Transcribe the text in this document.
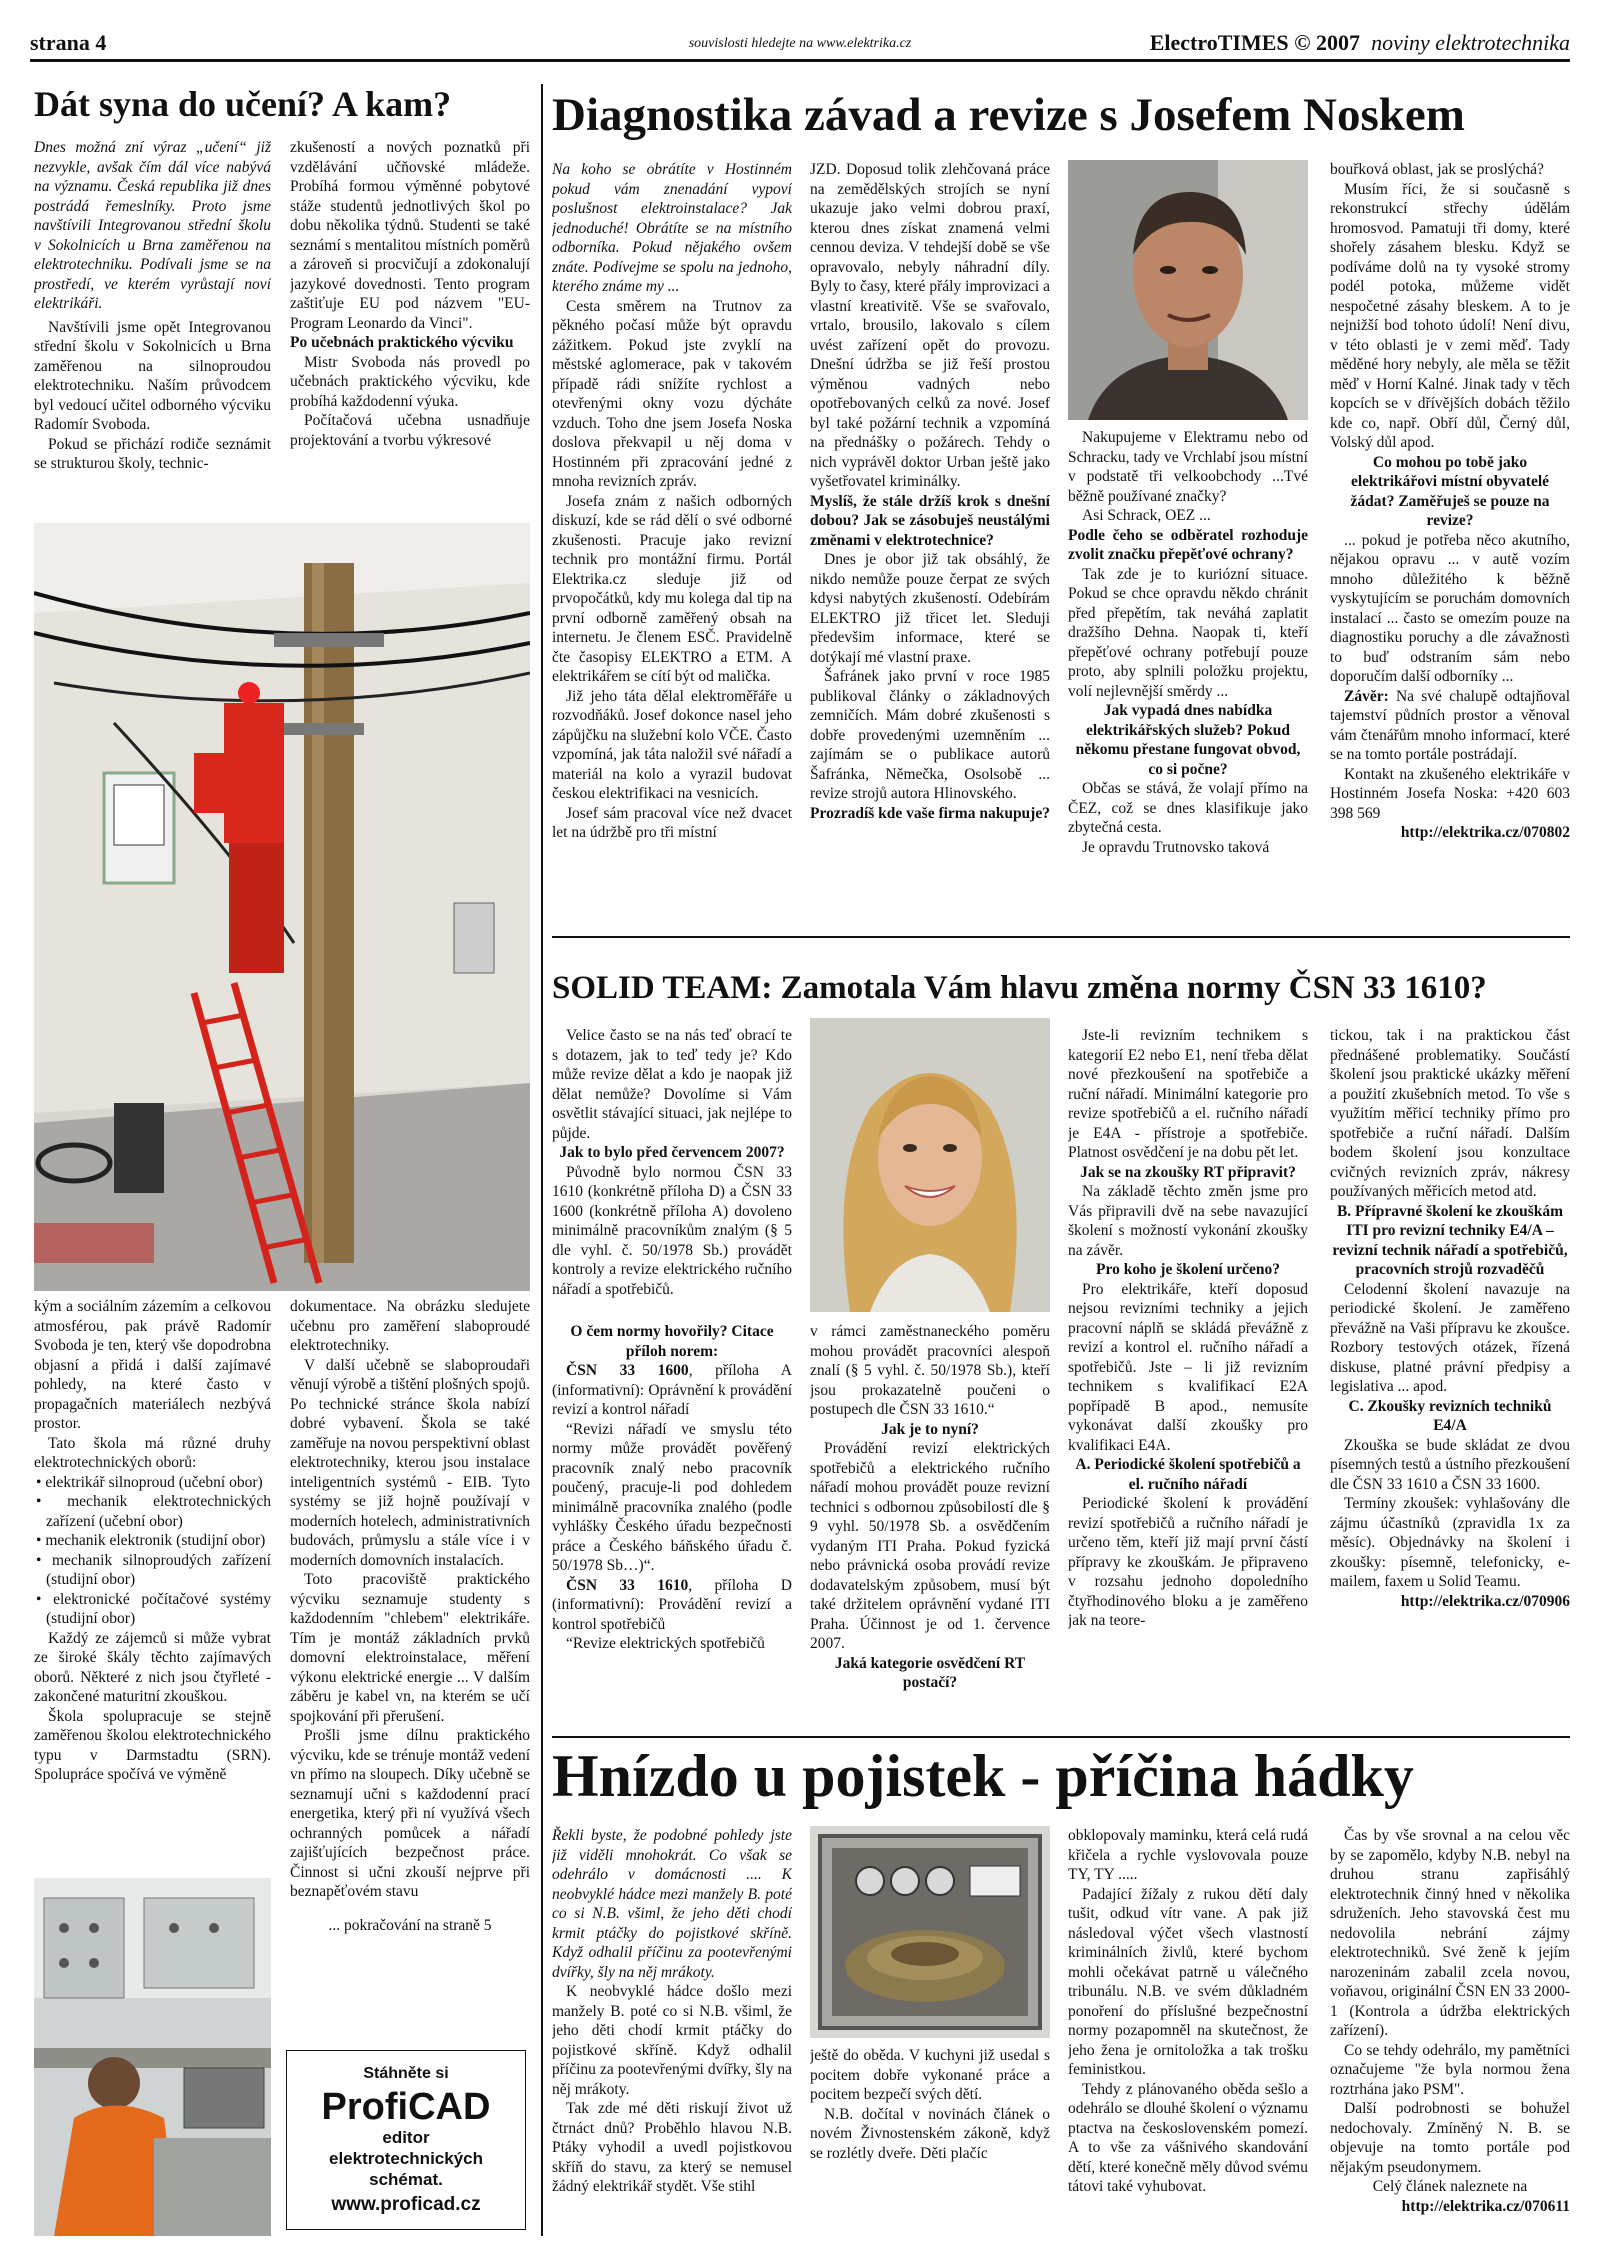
strana 4	souvislosti hledejte na www.elektrika.cz	ElectroTIMES © 2007 noviny elektrotechnika
Dát syna do učení? A kam?

Dnes možná zní výraz „učení“ již nezvykle, avšak čím dál více nabývá na významu. Česká republika již dnes postrádá řemeslníky. Proto jsme navštívili Integrovanou střední školu v Sokolnicích u Brna zaměřenou na elektrotechniku. Podívali jsme se na prostředí, ve kterém vyrůstají noví elektrikáři.

Navštívili jsme opět Integrovanou střední školu v Sokolnicích u Brna zaměřenou na silnoproudou elektrotechniku. Naším průvodcem byl vedoucí učitel odborného výcviku Radomír Svoboda.

Pokud se přichází rodiče seznámit se strukturou školy, technic-

zkušeností a nových poznatků při vzdělávání učňovské mládeže. Probíhá formou výměnné pobytové stáže studentů jednotlivých škol po dobu několika týdnů. Studenti se také seznámí s mentalitou místních poměrů a zároveň si procvičují a zdokonalují jazykové dovednosti. Tento program zaštiťuje EU pod názvem "EU-Program Leonardo da Vinci".

Po učebnách praktického výcviku

Mistr Svoboda nás provedl po učebnách praktického výcviku, kde probíhá každodenní výuka.

Počítačová učebna usnadňuje projektování a tvorbu výkresové

kým a sociálním zázemím a celkovou atmosférou, pak právě Radomír Svoboda je ten, který vše dopodrobna objasní a přidá i další zajímavé pohledy, na které často v propagačních materiálech nezbývá prostor.

Tato škola má různé druhy elektrotechnických oborů:

• elektrikář silnoproud (učební obor)
• mechanik elektrotechnických zařízení (učební obor)
• mechanik elektronik (studijní obor)
• mechanik silnoproudých zařízení (studijní obor)
• elektronické počítačové systémy (studijní obor)

Každý ze zájemců si může vybrat ze široké škály těchto zajímavých oborů. Některé z nich jsou čtyřleté - zakončené maturitní zkouškou.

Škola spolupracuje se stejně zaměřenou školou elektrotechnického typu v Darmstadtu (SRN). Spolupráce spočívá ve výměně

dokumentace. Na obrázku sledujete učebnu pro zaměření slaboproudé elektrotechniky.

V další učebně se slaboproudaři věnují výrobě a tištění plošných spojů. Po technické stránce škola nabízí dobré vybavení. Škola se také zaměřuje na novou perspektivní oblast elektrotechniky, kterou jsou instalace inteligentních systémů - EIB. Tyto systémy se již hojně používají v moderních hotelech, administrativních budovách, průmyslu a stále více i v moderních domovních instalacích.

Toto pracoviště praktického výcviku seznamuje studenty s každodenním "chlebem" elektrikáře. Tím je montáž základních prvků domovní elektroinstalace, měření výkonu elektrické energie ... V dalším záběru je kabel vn, na kterém se učí spojkování při přerušení.

Prošli jsme dílnu praktického výcviku, kde se trénuje montáž vedení vn přímo na sloupech. Díky učebně se seznamují učni s každodenní prací energetika, který při ní využívá všech ochranných pomůcek a nářadí zajišťujících bezpečnost práce. Činnost si učni zkouší nejprve při beznapěťovém stavu

... pokračování na straně 5

Stáhněte si
ProfiCAD
editor
elektrotechnických
schémat.
www.proficad.cz
Diagnostika závad a revize s Josefem Noskem

Na koho se obrátíte v Hostinném pokud vám znenadání vypoví poslušnost elektroinstalace? Jak jednoduché! Obrátíte se na místního odborníka. Pokud nějakého ovšem znáte. Podívejme se spolu na jednoho, kterého známe my ...

Cesta směrem na Trutnov za pěkného počasí může být opravdu zážitkem. Pokud jste zvyklí na městské aglomerace, pak v takovém případě rádi snížíte rychlost a otevřenými okny vozu dýcháte vzduch. Toho dne jsem Josefa Noska doslova překvapil u něj doma v Hostinném při zpracování jedné z mnoha revizních zpráv.

Josefa znám z našich odborných diskuzí, kde se rád dělí o své odborné zkušenosti. Pracuje jako revizní technik pro montážní firmu. Portál Elektrika.cz sleduje již od prvopočátků, kdy mu kolega dal tip na první odborně zaměřený obsah na internetu. Je členem ESČ. Pravidelně čte časopisy ELEKTRO a ETM. A elektrikářem se cítí být od malička.

Již jeho táta dělal elektroměřáře u rozvodňáků. Josef dokonce nasel jeho zápůjčku na služební kolo VČE. Často vzpomíná, jak táta naložil své nářadí a materiál na kolo a vyrazil budovat českou elektrifikaci na vesnicích.

Josef sám pracoval více než dvacet let na údržbě pro tři místní

JZD. Doposud tolik zlehčovaná práce na zemědělských strojích se nyní ukazuje jako velmi dobrou praxí, kterou dnes získat znamená velmi cennou deviza. V tehdejší době se vše opravovalo, nebyly náhradní díly. Byly to časy, které přály improvizaci a vlastní kreativitě. Vše se svařovalo, vrtalo, brousilo, lakovalo s cílem uvést zařízení opět do provozu. Dnešní údržba se již řeší prostou výměnou vadných nebo opotřebovaných celků za nové. Josef byl také požární technik a vzpomíná na přednášky o požárech. Tehdy o nich vyprávěl doktor Urban ještě jako vyšetřovatel kriminálky.

Myslíš, že stále držíš krok s dnešní dobou? Jak se zásobuješ neustálými změnami v elektrotechnice?

Dnes je obor již tak obsáhlý, že nikdo nemůže pouze čerpat ze svých kdysi nabytých zkušeností. Odebírám ELEKTRO již třicet let. Sleduji předevšim informace, které se dotýkají mé vlastní praxe.

Šafránek jako první v roce 1985 publikoval články o základnových zemničích. Mám dobré zkušenosti s dobře provedenými uzemněním ... zajímám se o publikace autorů Šafránka, Němečka, Osolsobě ... revize strojů autora Hlinovského.

Prozradíš kde vaše firma nakupuje?

Nakupujeme v Elektramu nebo od Schracku, tady ve Vrchlabí jsou místní v podstatě tři velkoobchody ...Tvé běžně používané značky?

Asi Schrack, OEZ ...

Podle čeho se odběratel rozhoduje zvolit značku přepěťové ochrany?

Tak zde je to kuriózní situace. Pokud se chce opravdu někdo chránit před přepětím, tak neváhá zaplatit dražšího Dehna. Naopak ti, kteří přepěťové ochrany potřebují pouze proto, aby splnili položku projektu, volí nejlevnější směrdy ...

Jak vypadá dnes nabídka elektrikářských služeb? Pokud někomu přestane fungovat obvod, co si počne?

Občas se stává, že volají přímo na ČEZ, což se dnes klasifikuje jako zbytečná cesta.

Je opravdu Trutnovsko taková

bouřková oblast, jak se proslýchá?

Musím říci, že si současně s rekonstrukcí střechy údělám hromosvod. Pamatuji tři domy, které shořely zásahem blesku. Když se podíváme dolů na ty vysoké stromy podél potoka, můžeme vidět nespočetné zásahy bleskem. A to je nejnižší bod tohoto údolí! Není divu, v této oblasti je v zemi měď. Tady měděné hory nebyly, ale měla se těžit měď v Horní Kalné. Jinak tady v těch kopcích se v dřívějších dobách těžilo kde co, např. Obří důl, Černý důl, Volský důl apod.

Co mohou po tobě jako elektrikářovi místní obyvatelé žádat? Zaměřuješ se pouze na revize?

... pokud je potřeba něco akutního, nějakou opravu ... v autě vozím mnoho důležitého k běžně vyskytujícím se poruchám domovních instalací ... často se omezím pouze na diagnostiku poruchy a dle závažnosti to buď odstraním sám nebo doporučím další odborníky ...

Závěr: Na své chalupě odtajňoval tajemství půdních prostor a věnoval vám čtenářům mnoho informací, které se na tomto portále postrádají.

Kontakt na zkušeného elektrikáře v Hostinném Josefa Noska: +420 603 398 569

http://elektrika.cz/070802

SOLID TEAM: Zamotala Vám hlavu změna normy ČSN 33 1610?

Velice často se na nás teď obrací te s dotazem, jak to teď tedy je? Kdo může revize dělat a kdo je naopak již dělat nemůže? Dovolíme si Vám osvětlit stávající situaci, jak nejlépe to půjde.

Jak to bylo před červencem 2007?

Původně bylo normou ČSN 33 1610 (konkrétně příloha D) a ČSN 33 1600 (konkrétně příloha A) dovoleno minimálně pracovníkům znalým (§ 5 dle vyhl. č. 50/1978 Sb.) provádět kontroly a revize elektrického ručního nářadí a spotřebičů.

O čem normy hovořily? Citace příloh norem:

ČSN 33 1600, příloha A (informativní): Oprávnění k provádění revizí a kontrol nářadí

“Revizi nářadí ve smyslu této normy může provádět pověřený pracovník znalý nebo pracovník poučený, pracuje-li pod dohledem minimálně pracovníka znalého (podle vyhlášky Českého úřadu bezpečnosti práce a Českého báňského úřadu č. 50/1978 Sb…)“.

ČSN 33 1610, příloha D (informativní): Provádění revizí a kontrol spotřebičů

“Revize elektrických spotřebičů

v rámci zaměstnaneckého poměru mohou provádět pracovníci alespoň znalí (§ 5 vyhl. č. 50/1978 Sb.), kteří jsou prokazatelně poučeni o postupech dle ČSN 33 1610.“

Jak je to nyní?

Provádění revizí elektrických spotřebičů a elektrického ručního nářadí mohou provádět pouze revizní technici s odbornou způsobilostí dle § 9 vyhl. 50/1978 Sb. a osvědčením vydaným ITI Praha. Pokud fyzická nebo právnická osoba provádí revize dodavatelským způsobem, musí být také držitelem oprávnění vydané ITI Praha. Účinnost je od 1. července 2007.

Jaká kategorie osvědčení RT postačí?

Jste-li revizním technikem s kategorií E2 nebo E1, není třeba dělat nové přezkoušení na spotřebiče a ruční nářadí. Minimální kategorie pro revize spotřebičů a el. ručního nářadí je E4A - přístroje a spotřebiče. Platnost osvědčení je na dobu pět let.

Jak se na zkoušky RT připravit?

Na základě těchto změn jsme pro Vás připravili dvě na sebe navazující školení s možností vykonání zkoušky na závěr.

Pro koho je školení určeno?

Pro elektrikáře, kteří doposud nejsou revizními techniky a jejich pracovní náplň se skládá převážně z revizí a kontrol el. ručního nářadí a spotřebičů. Jste – li již revizním technikem s kvalifikací E2A popřípadě B apod., nemusíte vykonávat další zkoušky pro kvalifikaci E4A.

A. Periodické školení spotřebičů a el. ručního nářadí

Periodické školení k provádění revizí spotřebičů a ručního nářadí je určeno těm, kteří již mají první částí přípravy ke zkouškám. Je připraveno v rozsahu jednoho dopoledního čtyřhodinového bloku a je zaměřeno jak na teore-

tickou, tak i na praktickou část přednášené problematiky. Součástí školení jsou praktické ukázky měření a použití zkušebních metod. To vše s využitím měřicí techniky přímo pro spotřebiče a ruční nářadí. Dalším bodem školení jsou konzultace cvičných revizních zpráv, nákresy používaných měřicích metod atd.

B. Přípravné školení ke zkouškám ITI pro revizní techniky E4/A – revizní technik nářadí a spotřebičů, pracovních strojů rozvaděčů

Celodenní školení navazuje na periodické školení. Je zaměřeno převážně na Vaši přípravu ke zkoušce. Rozbory testových otázek, řízená diskuse, platné právní předpisy a legislativa ... apod.

C. Zkoušky revizních techniků E4/A

Zkouška se bude skládat ze dvou písemných testů a ústního přezkoušení dle ČSN 33 1610 a ČSN 33 1600.

Termíny zkoušek: vyhlašovány dle zájmu účastníků (zpravidla 1x za měsíc). Objednávky na školení i zkoušky: písemně, telefonicky, e-mailem, faxem u Solid Teamu.

http://elektrika.cz/070906

Hnízdo u pojistek - příčina hádky

Řekli byste, že podobné pohledy jste již viděli mnohokrát. Co však se odehrálo v domácnosti .... K neobvyklé hádce mezi manžely B. poté co si N.B. všiml, že jeho děti chodí krmit ptáčky do pojistkové skříně. Když odhalil příčinu za pootevřenými dvířky, šly na něj mrákoty.

K neobvyklé hádce došlo mezi manžely B. poté co si N.B. všiml, že jeho děti chodí krmit ptáčky do pojistkové skříně. Když odhalil příčinu za pootevřenými dvířky, šly na něj mrákoty.

Tak zde mé děti riskují život už čtrnáct dnů? Proběhlo hlavou N.B. Ptáky vyhodil a uvedl pojistkovou skříň do stavu, za který se nemusel žádný elektrikář stydět. Vše stihl

ještě do oběda. V kuchyni již usedal s pocitem dobře vykonané práce a pocitem bezpečí svých dětí.

N.B. dočítal v novinách článek o novém Živnostenském zákoně, když se rozlétly dveře. Děti plačíc

obklopovaly maminku, která celá rudá křičela a rychle vyslovovala pouze TY, TY .....

Padající žížaly z rukou dětí daly tušit, odkud vítr vane. A pak již následoval výčet všech vlastností kriminálních živlů, které bychom mohli očekávat patrně u válečného tribunálu. N.B. ve svém důkladném ponoření do příslušné bezpečnostní normy pozapomněl na skutečnost, že jeho žena je ornitoložka a tak trošku feministkou.

Tehdy z plánovaného oběda sešlo a odehrálo se dlouhé školení o významu ptactva na československém pomezí. A to vše za vášnivého skandování dětí, které konečně měly důvod svému tátovi také vyhubovat.

Čas by vše srovnal a na celou věc by se zapomělo, kdyby N.B. nebyl na druhou stranu zapřisáhlý elektrotechnik činný hned v několika sdruženích. Jeho stavovská čest mu nedovolila nebrání zájmy elektrotechniků. Své ženě k jejím narozeninám zabalil zcela novou, voňavou, originální ČSN EN 33 2000-1 (Kontrola a údržba elektrických zařízení).

Co se tehdy odehrálo, my pamětníci označujeme "že byla normou žena roztrhána jako PSM".

Další podrobnosti se bohužel nedochovaly. Zmíněný N. B. se objevuje na tomto portále pod nějakým pseudonymem.

Celý článek naleznete na

http://elektrika.cz/070611
